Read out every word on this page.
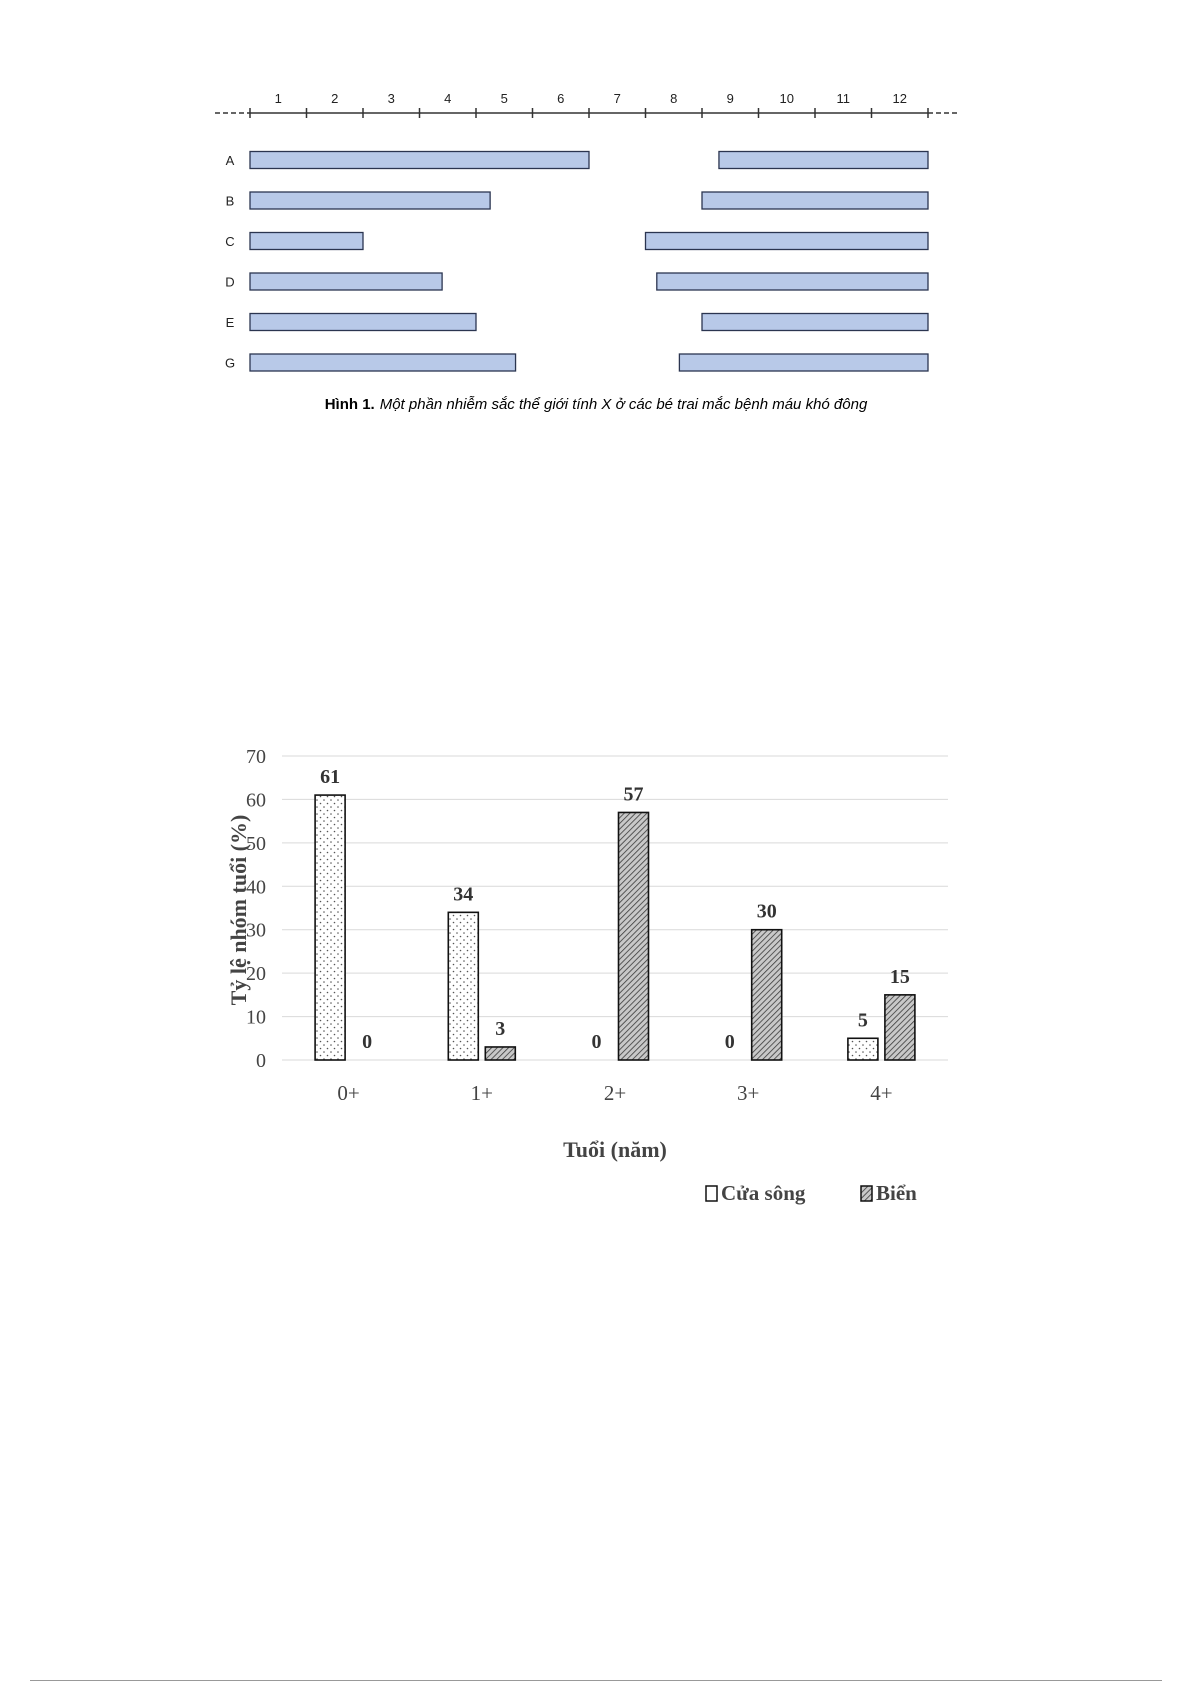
1	2	3	4	5	6	7	8	9	10	11	12
A
B
C
D
E
G
Hình 1. Một phần nhiễm sắc thể giới tính X ở các bé trai mắc bệnh máu khó đông
0
10
20
30
40
50
60
70
61
0
34
3
0
57
0
30
5
15
0+	1+	2+	3+	4+
Tỷ lệ nhóm tuổi (%)
Tuổi (năm)
Cửa sông	Biển
